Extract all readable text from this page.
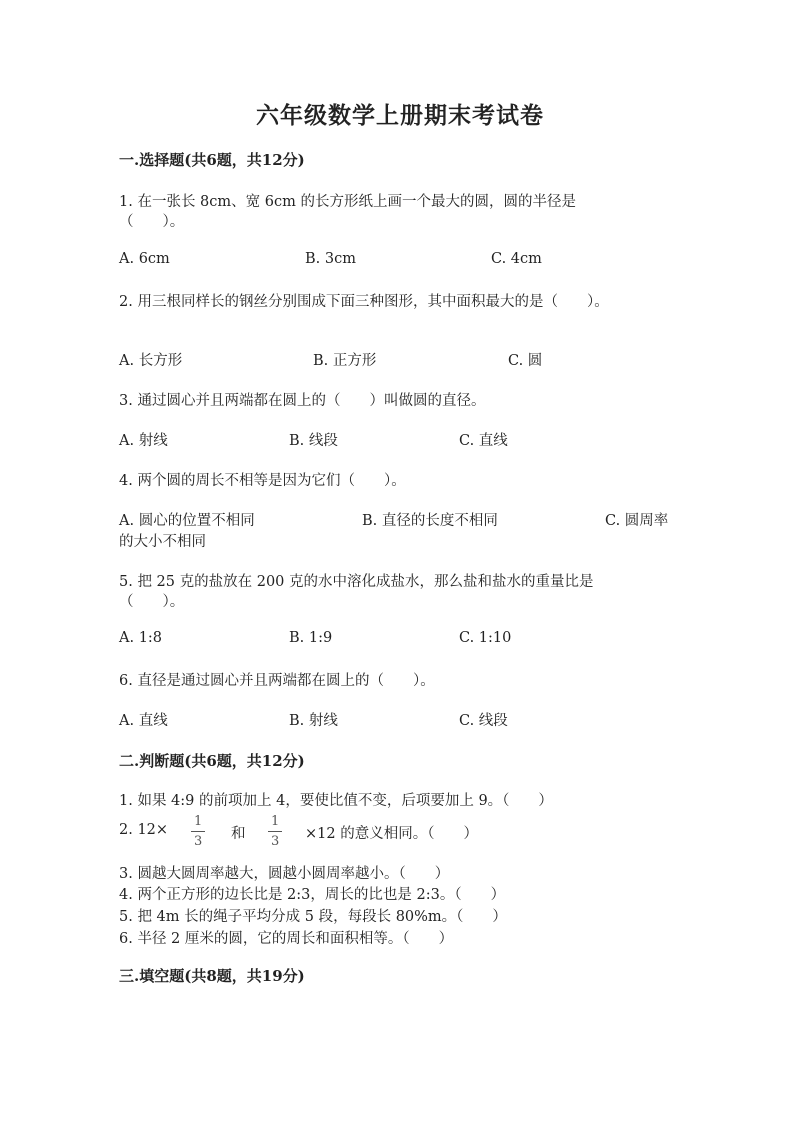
六年级数学上册期末考试卷
一.选择题(共6题，共12分)
1. 在一张长 8cm、宽 6cm 的长方形纸上画一个最大的圆，圆的半径是
（　　）。
A. 6cm	B. 3cm	C. 4cm
2. 用三根同样长的钢丝分别围成下面三种图形，其中面积最大的是（　　）。
A. 长方形	B. 正方形	C. 圆
3. 通过圆心并且两端都在圆上的（　　）叫做圆的直径。
A. 射线	B. 线段	C. 直线
4. 两个圆的周长不相等是因为它们（　　）。
A. 圆心的位置不相同	B. 直径的长度不相同	C. 圆周率
的大小不相同
5. 把 25 克的盐放在 200 克的水中溶化成盐水，那么盐和盐水的重量比是
（　　）。
A. 1:8	B. 1:9	C. 1:10
6. 直径是通过圆心并且两端都在圆上的（　　）。
A. 直线	B. 射线	C. 线段
二.判断题(共6题，共12分)
1. 如果 4:9 的前项加上 4，要使比值不变，后项要加上 9。（　　）
2. 12×
1
3 和
1
3 ×12 的意义相同。（　　）
3. 圆越大圆周率越大，圆越小圆周率越小。（　　）
4. 两个正方形的边长比是 2:3，周长的比也是 2:3。（　　）
5. 把 4m 长的绳子平均分成 5 段，每段长 80%m。（　　）
6. 半径 2 厘米的圆，它的周长和面积相等。（　　）
三.填空题(共8题，共19分)
